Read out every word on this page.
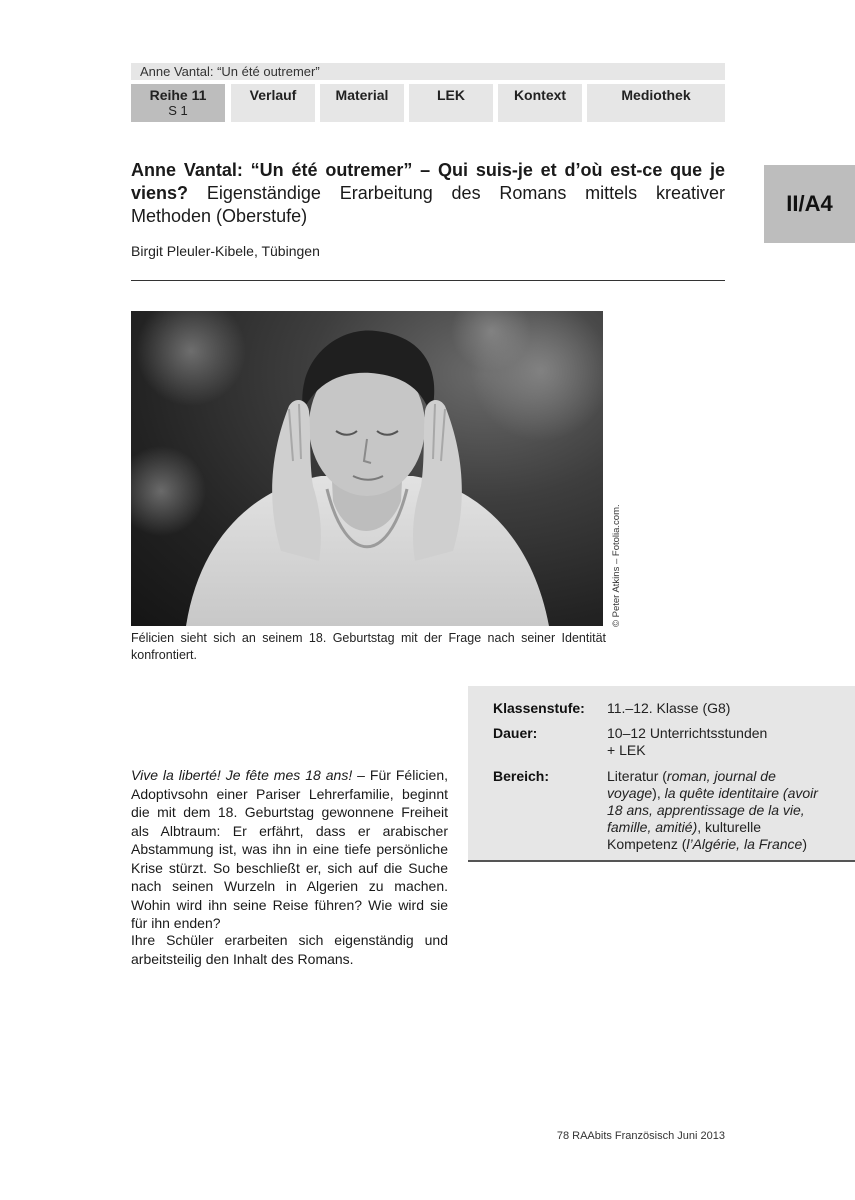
Anne Vantal: “Un été outremer”
Reihe 11
S 1
Verlauf	Material	LEK	Kontext	Mediothek
II/A4

Anne Vantal: “Un été outremer” – Qui suis-je et d’où est-ce que je viens? Eigenständige Erarbeitung des Romans mittels kreativer Methoden (Oberstufe)

Birgit Pleuler-Kibele, Tübingen
© Peter Atkins – Fotolia.com.

Félicien sieht sich an seinem 18. Geburtstag mit der Frage nach seiner Identität konfrontiert.

Klassenstufe: 11.–12. Klasse (G8)
Dauer:	10–12 Unterrichtsstunden
+ LEK
Bereich:	Literatur (roman, journal de voyage), la quête identitaire (avoir 18 ans, apprentissage de la vie, famille, amitié), kulturelle Kompetenz (l’Algérie, la France)

Vive la liberté! Je fête mes 18 ans! – Für Félicien, Adoptivsohn einer Pariser Lehrerfamilie, beginnt die mit dem 18. Geburtstag gewonnene Freiheit als Albtraum: Er erfährt, dass er arabischer Abstammung ist, was ihn in eine tiefe persönliche Krise stürzt. So beschließt er, sich auf die Suche nach seinen Wurzeln in Algerien zu machen. Wohin wird ihn seine Reise führen? Wie wird sie für ihn enden?

Ihre Schüler erarbeiten sich eigenständig und arbeitsteilig den Inhalt des Romans.

78 RAAbits Französisch Juni 2013
